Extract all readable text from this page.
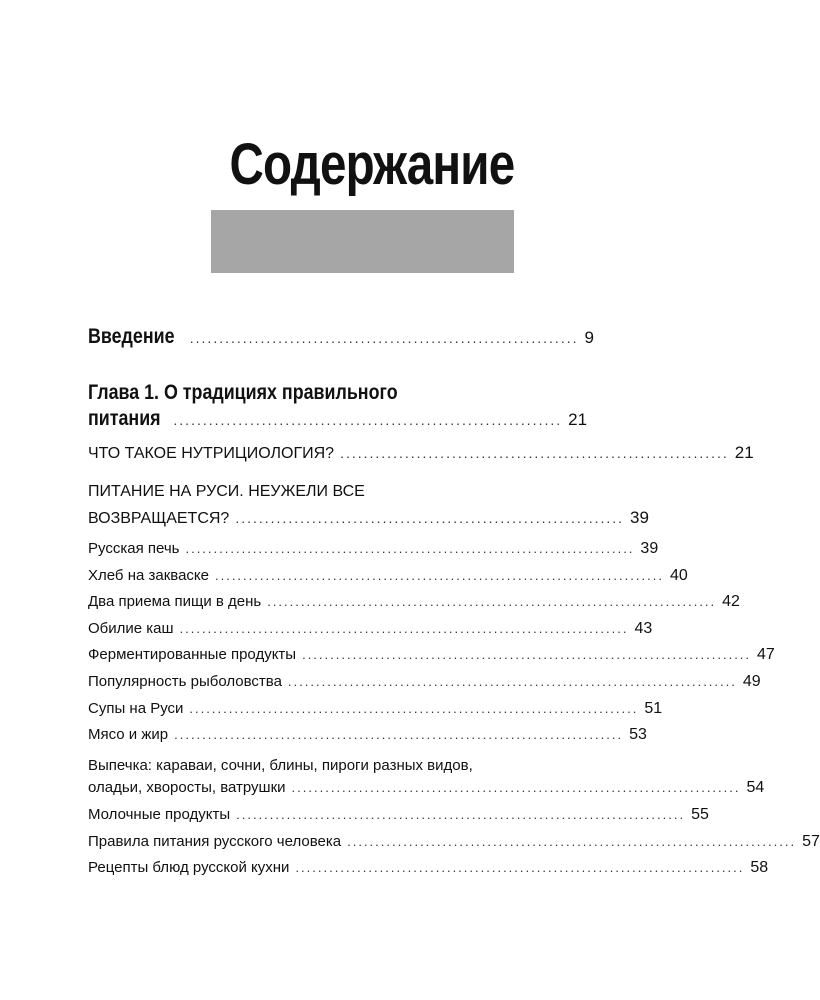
Содержание
Введение .................................................................. 9
Глава 1. О традициях правильного
питания .................................................................. 21
ЧТО ТАКОЕ НУТРИЦИОЛОГИЯ? .................................................................. 21
ПИТАНИЕ НА РУСИ. НЕУЖЕЛИ ВСЕ
ВОЗВРАЩАЕТСЯ? .................................................................. 39
Русская печь ................................................................................ 39
Хлеб на закваске ................................................................................ 40
Два приема пищи в день ................................................................................ 42
Обилие каш ................................................................................ 43
Ферментированные продукты ................................................................................ 47
Популярность рыболовства ................................................................................ 49
Супы на Руси ................................................................................ 51
Мясо и жир ................................................................................ 53
Выпечка: караваи, сочни, блины, пироги разных видов,
оладьи, хворосты, ватрушки ................................................................................ 54
Молочные продукты ................................................................................ 55
Правила питания русского человека ................................................................................ 57
Рецепты блюд русской кухни ................................................................................ 58
